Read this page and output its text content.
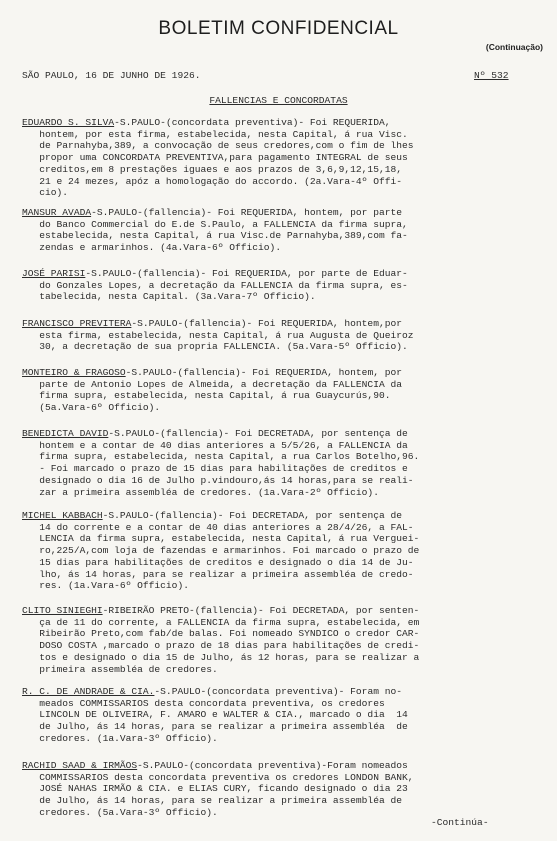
BOLETIM CONFIDENCIAL
(Continuação)
SÃO PAULO, 16 DE JUNHO DE 1926.	Nº 532
FALLENCIAS E CONCORDATAS
EDUARDO S. SILVA-S.PAULO-(concordata preventiva)- Foi REQUERIDA,
hontem, por esta firma, estabelecida, nesta Capital, á rua Visc.
de Parnahyba,389, a convocação de seus credores,com o fim de lhes
propor uma CONCORDATA PREVENTIVA,para pagamento INTEGRAL de seus
creditos,em 8 prestações iguaes e aos prazos de 3,6,9,12,15,18,
21 e 24 mezes, apóz a homologação do accordo. (2a.Vara-4º Offi-
cio).
MANSUR AVADA-S.PAULO-(fallencia)- Foi REQUERIDA, hontem, por parte
do Banco Commercial do E.de S.Paulo, a FALLENCIA da firma supra,
estabelecida, nesta Capital, á rua Visc.de Parnahyba,389,com fa-
zendas e armarinhos. (4a.Vara-6º Officio).
JOSÉ PARISI-S.PAULO-(fallencia)- Foi REQUERIDA, por parte de Eduar-
do Gonzales Lopes, a decretação da FALLENCIA da firma supra, es-
tabelecida, nesta Capital. (3a.Vara-7º Officio).
FRANCISCO PREVITERA-S.PAULO-(fallencia)- Foi REQUERIDA, hontem,por
esta firma, estabelecida, nesta Capital, á rua Augusta de Queiroz
30, a decretação de sua propria FALLENCIA. (5a.Vara-5º Officio).
MONTEIRO & FRAGOSO-S.PAULO-(fallencia)- Foi REQUERIDA, hontem, por
parte de Antonio Lopes de Almeida, a decretação da FALLENCIA da
firma supra, estabelecida, nesta Capital, á rua Guaycurús,90.
(5a.Vara-6º Officio).
BENEDICTA DAVID-S.PAULO-(fallencia)- Foi DECRETADA, por sentença de
hontem e a contar de 40 dias anteriores a 5/5/26, a FALLENCIA da
firma supra, estabelecida, nesta Capital, a rua Carlos Botelho,96.
- Foi marcado o prazo de 15 dias para habilitações de creditos e
designado o dia 16 de Julho p.vindouro,ás 14 horas,para se reali-
zar a primeira assembléa de credores. (1a.Vara-2º Officio).
MICHEL KABBACH-S.PAULO-(fallencia)- Foi DECRETADA, por sentença de
14 do corrente e a contar de 40 dias anteriores a 28/4/26, a FAL-
LENCIA da firma supra, estabelecida, nesta Capital, á rua Verguei-
ro,225/A,com loja de fazendas e armarinhos. Foi marcado o prazo de
15 dias para habilitações de creditos e designado o dia 14 de Ju-
lho, ás 14 horas, para se realizar a primeira assembléa de credo-
res. (1a.Vara-6º Officio).
CLITO SINIEGHI-RIBEIRÃO PRETO-(fallencia)- Foi DECRETADA, por senten-
ça de 11 do corrente, a FALLENCIA da firma supra, estabelecida, em
Ribeirão Preto,com fab/de balas. Foi nomeado SYNDICO o credor CAR-
DOSO COSTA ,marcado o prazo de 18 dias para habilitações de credi-
tos e designado o dia 15 de Julho, ás 12 horas, para se realizar a
primeira assembléa de credores.
R. C. DE ANDRADE & CIA.-S.PAULO-(concordata preventiva)- Foram no-
meados COMMISSARIOS desta concordata preventiva, os credores
LINCOLN DE OLIVEIRA, F. AMARO e WALTER & CIA., marcado o dia  14
de Julho, ás 14 horas, para se realizar a primeira assembléa  de
credores. (1a.Vara-3º Officio).
RACHID SAAD & IRMÃOS-S.PAULO-(concordata preventiva)-Foram nomeados
COMMISSARIOS desta concordata preventiva os credores LONDON BANK,
JOSÉ NAHAS IRMÃO & CIA. e ELIAS CURY, ficando designado o dia 23
de Julho, ás 14 horas, para se realizar a primeira assembléa de
credores. (5a.Vara-3º Officio).
-Continúa-
